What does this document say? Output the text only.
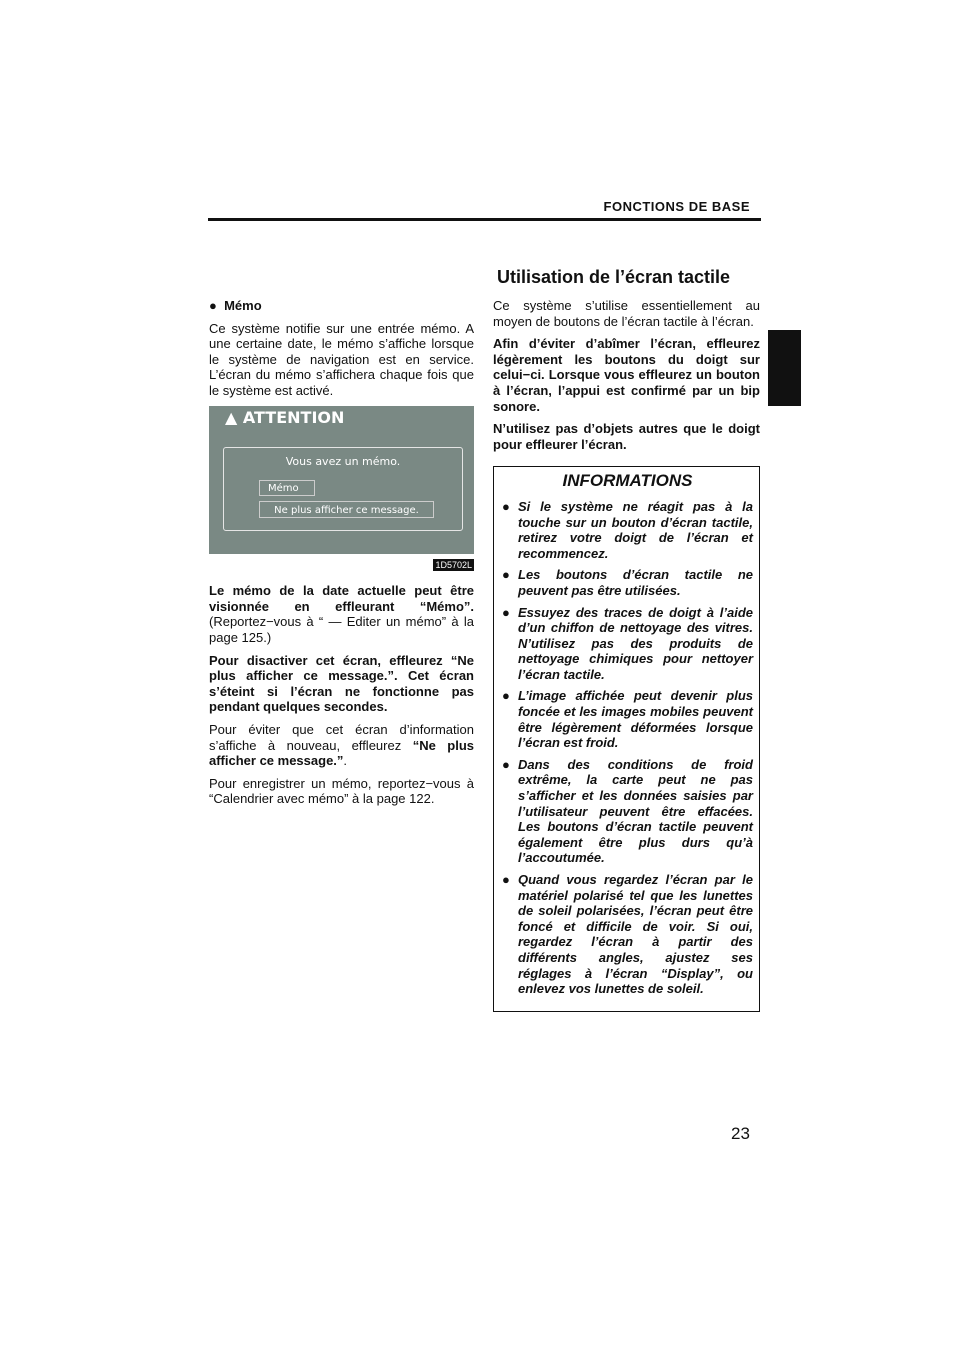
FONCTIONS DE BASE
Utilisation de l’écran tactile

●  Mémo

Ce système notifie sur une entrée mémo. A une certaine date, le mémo s’affiche lorsque le système de navigation est en service. L’écran du mémo s’affichera chaque fois que le système est activé.

▲ ATTENTION
Vous avez un mémo.
Mémo
Ne plus afficher ce message.
1D5702L

Le mémo de la date actuelle peut être visionnée en effleurant “Mémo”. (Reportez−vous à “ — Editer un mémo” à la page 125.)

Pour disactiver cet écran, effleurez “Ne plus afficher ce message.”. Cet écran s’éteint si l’écran ne fonctionne pas pendant quelques secondes.

Pour éviter que cet écran d’information s’affiche à nouveau, effleurez “Ne plus afficher ce message.”.

Pour enregistrer un mémo, reportez−vous à “Calendrier avec mémo” à la page 122.

Ce système s’utilise essentiellement au moyen de boutons de l’écran tactile à l’écran.

Afin d’éviter d’abîmer l’écran, effleurez légèrement les boutons du doigt sur celui−ci. Lorsque vous effleurez un bouton à l’écran, l’appui est confirmé par un bip sonore.

N’utilisez pas d’objets autres que le doigt pour effleurer l’écran.

INFORMATIONS
● Si le système ne réagit pas à la touche sur un bouton d’écran tactile, retirez votre doigt de l’écran et recommencez.
● Les boutons d’écran tactile ne peuvent pas être utilisées.
● Essuyez des traces de doigt à l’aide d’un chiffon de nettoyage des vitres. N’utilisez pas des produits de nettoyage chimiques pour nettoyer l’écran tactile.
● L’image affichée peut devenir plus foncée et les images mobiles peuvent être légèrement déformées lorsque l’écran est froid.
● Dans des conditions de froid extrême, la carte peut ne pas s’afficher et les données saisies par l’utilisateur peuvent être effacées. Les boutons d’écran tactile peuvent également être plus durs qu’à l’accoutumée.
● Quand vous regardez l’écran par le matériel polarisé tel que les lunettes de soleil polarisées, l’écran peut être foncé et difficile de voir. Si oui, regardez l’écran à partir des différents angles, ajustez ses réglages à l’écran “Display”, ou enlevez vos lunettes de soleil.
23
